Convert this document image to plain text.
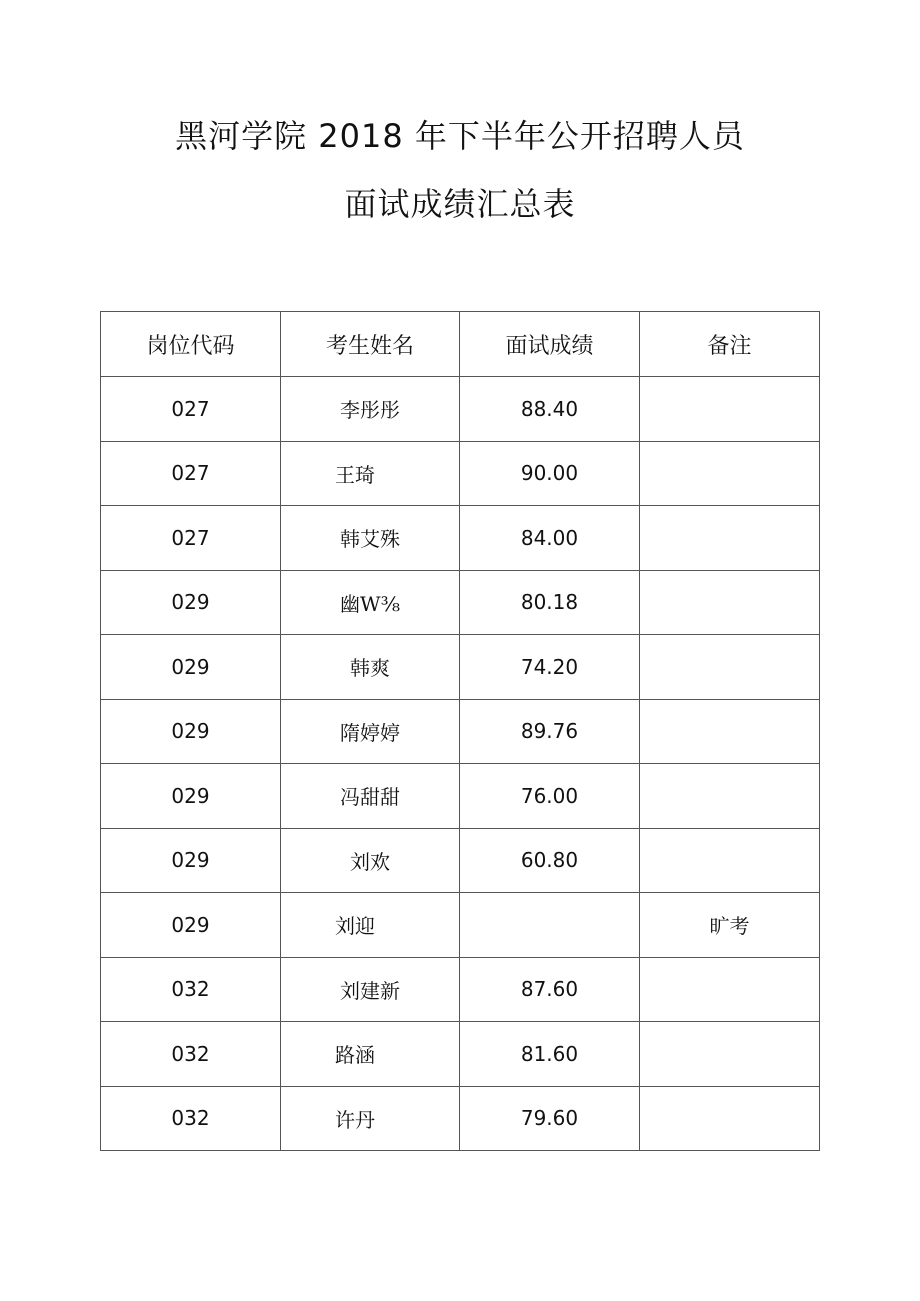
黑河学院 2018 年下半年公开招聘人员
面试成绩汇总表
岗位代码	考生姓名	面试成绩	备注
027	李彤彤	88.40	
027	王琦	90.00	
027	韩艾殊	84.00	
029	幽W⅜	80.18	
029	韩爽	74.20	
029	隋婷婷	89.76	
029	冯甜甜	76.00	
029	刘欢	60.80	
029	刘迎		旷考
032	刘建新	87.60	
032	路涵	81.60	
032	许丹	79.60	
